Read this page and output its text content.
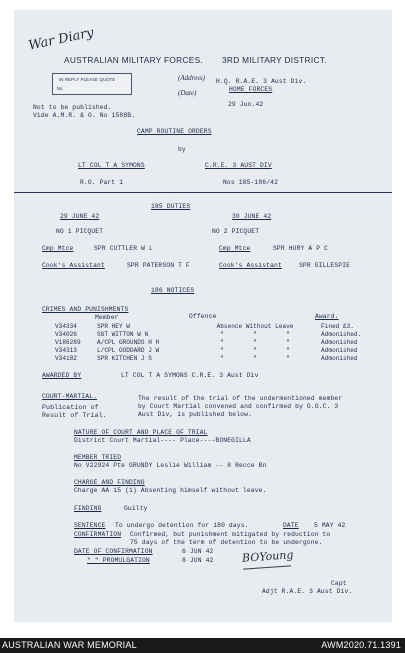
War Diary
AUSTRALIAN MILITARY FORCES. 3RD MILITARY DISTRICT.
IN REPLY PLEASE QUOTE
No.
(Address)
(Date)
H.Q. R.A.E. 3 Aust Div.
HOME FORCES
29 Jun.42
Not to be published.
Vide A.M.R. & O. No 1588B.
CAMP ROUTINE ORDERS
by
LT COL T A SYMONS	C.R.E. 3 AUST DIV
R.O. Part 1	Nos 185-186/42
185 DUTIES
29 JUNE 42
NO 1 PICQUET
Cmp Mtce	SPR CUTTLER W L
Cook's Assistant	SPR PATERSON T F
30 JUNE 42
NO 2 PICQUET
Cmp Mtce	SPR HURY A P C
Cook's Assistant	SPR GILLESPIE
186 NOTICES
CRIMES AND PUNISHMENTS
Member	Offence	Award.
V34334	SPR HEY W	Absence Without Leave	Fined £3.
V34026	SGT WITTON W N	"        "        "	Admonished.
V186289	A/CPL GROUNDS H H	"        "        "	Admonished
V34313	L/CPL GODDARD J W	"        "        "	Admonished
V34182	SPR KITCHEN J S	"        "        "	Admonished
AWARDED BY	LT COL T A SYMONS C.R.E. 3 Aust Div
COURT-MARTIAL.
Publication of
Result of Trial.
The result of the trial of the undermentioned member
by Court Martial convened and confirmed by G.O.C. 3
Aust Div, is published below.
NATURE OF COURT AND PLACE OF TRIAL
District Court Martial---- Place----BONEGILLA
MEMBER TRIED
No V22924 Pte GRUNDY Leslie William -- 8 Recce Bn
CHARGE AND FINDING
Charge AA 15 (1) Absenting himself without leave.
FINDING	Guilty
SENTENCE To undergo detention for 180 days.	DATE 5 MAY 42
CONFIRMATION Confirmed, but punishment mitigated by reduction to
75 days of the term of detention to be undergone.
DATE OF CONFIRMATION	6 JUN 42
" " PROMULGATION	8 JUN 42	BOYoung
Capt
Adjt R.A.E. 3 Aust Div.
AUSTRALIAN WAR MEMORIAL	AWM2020.71.1391
